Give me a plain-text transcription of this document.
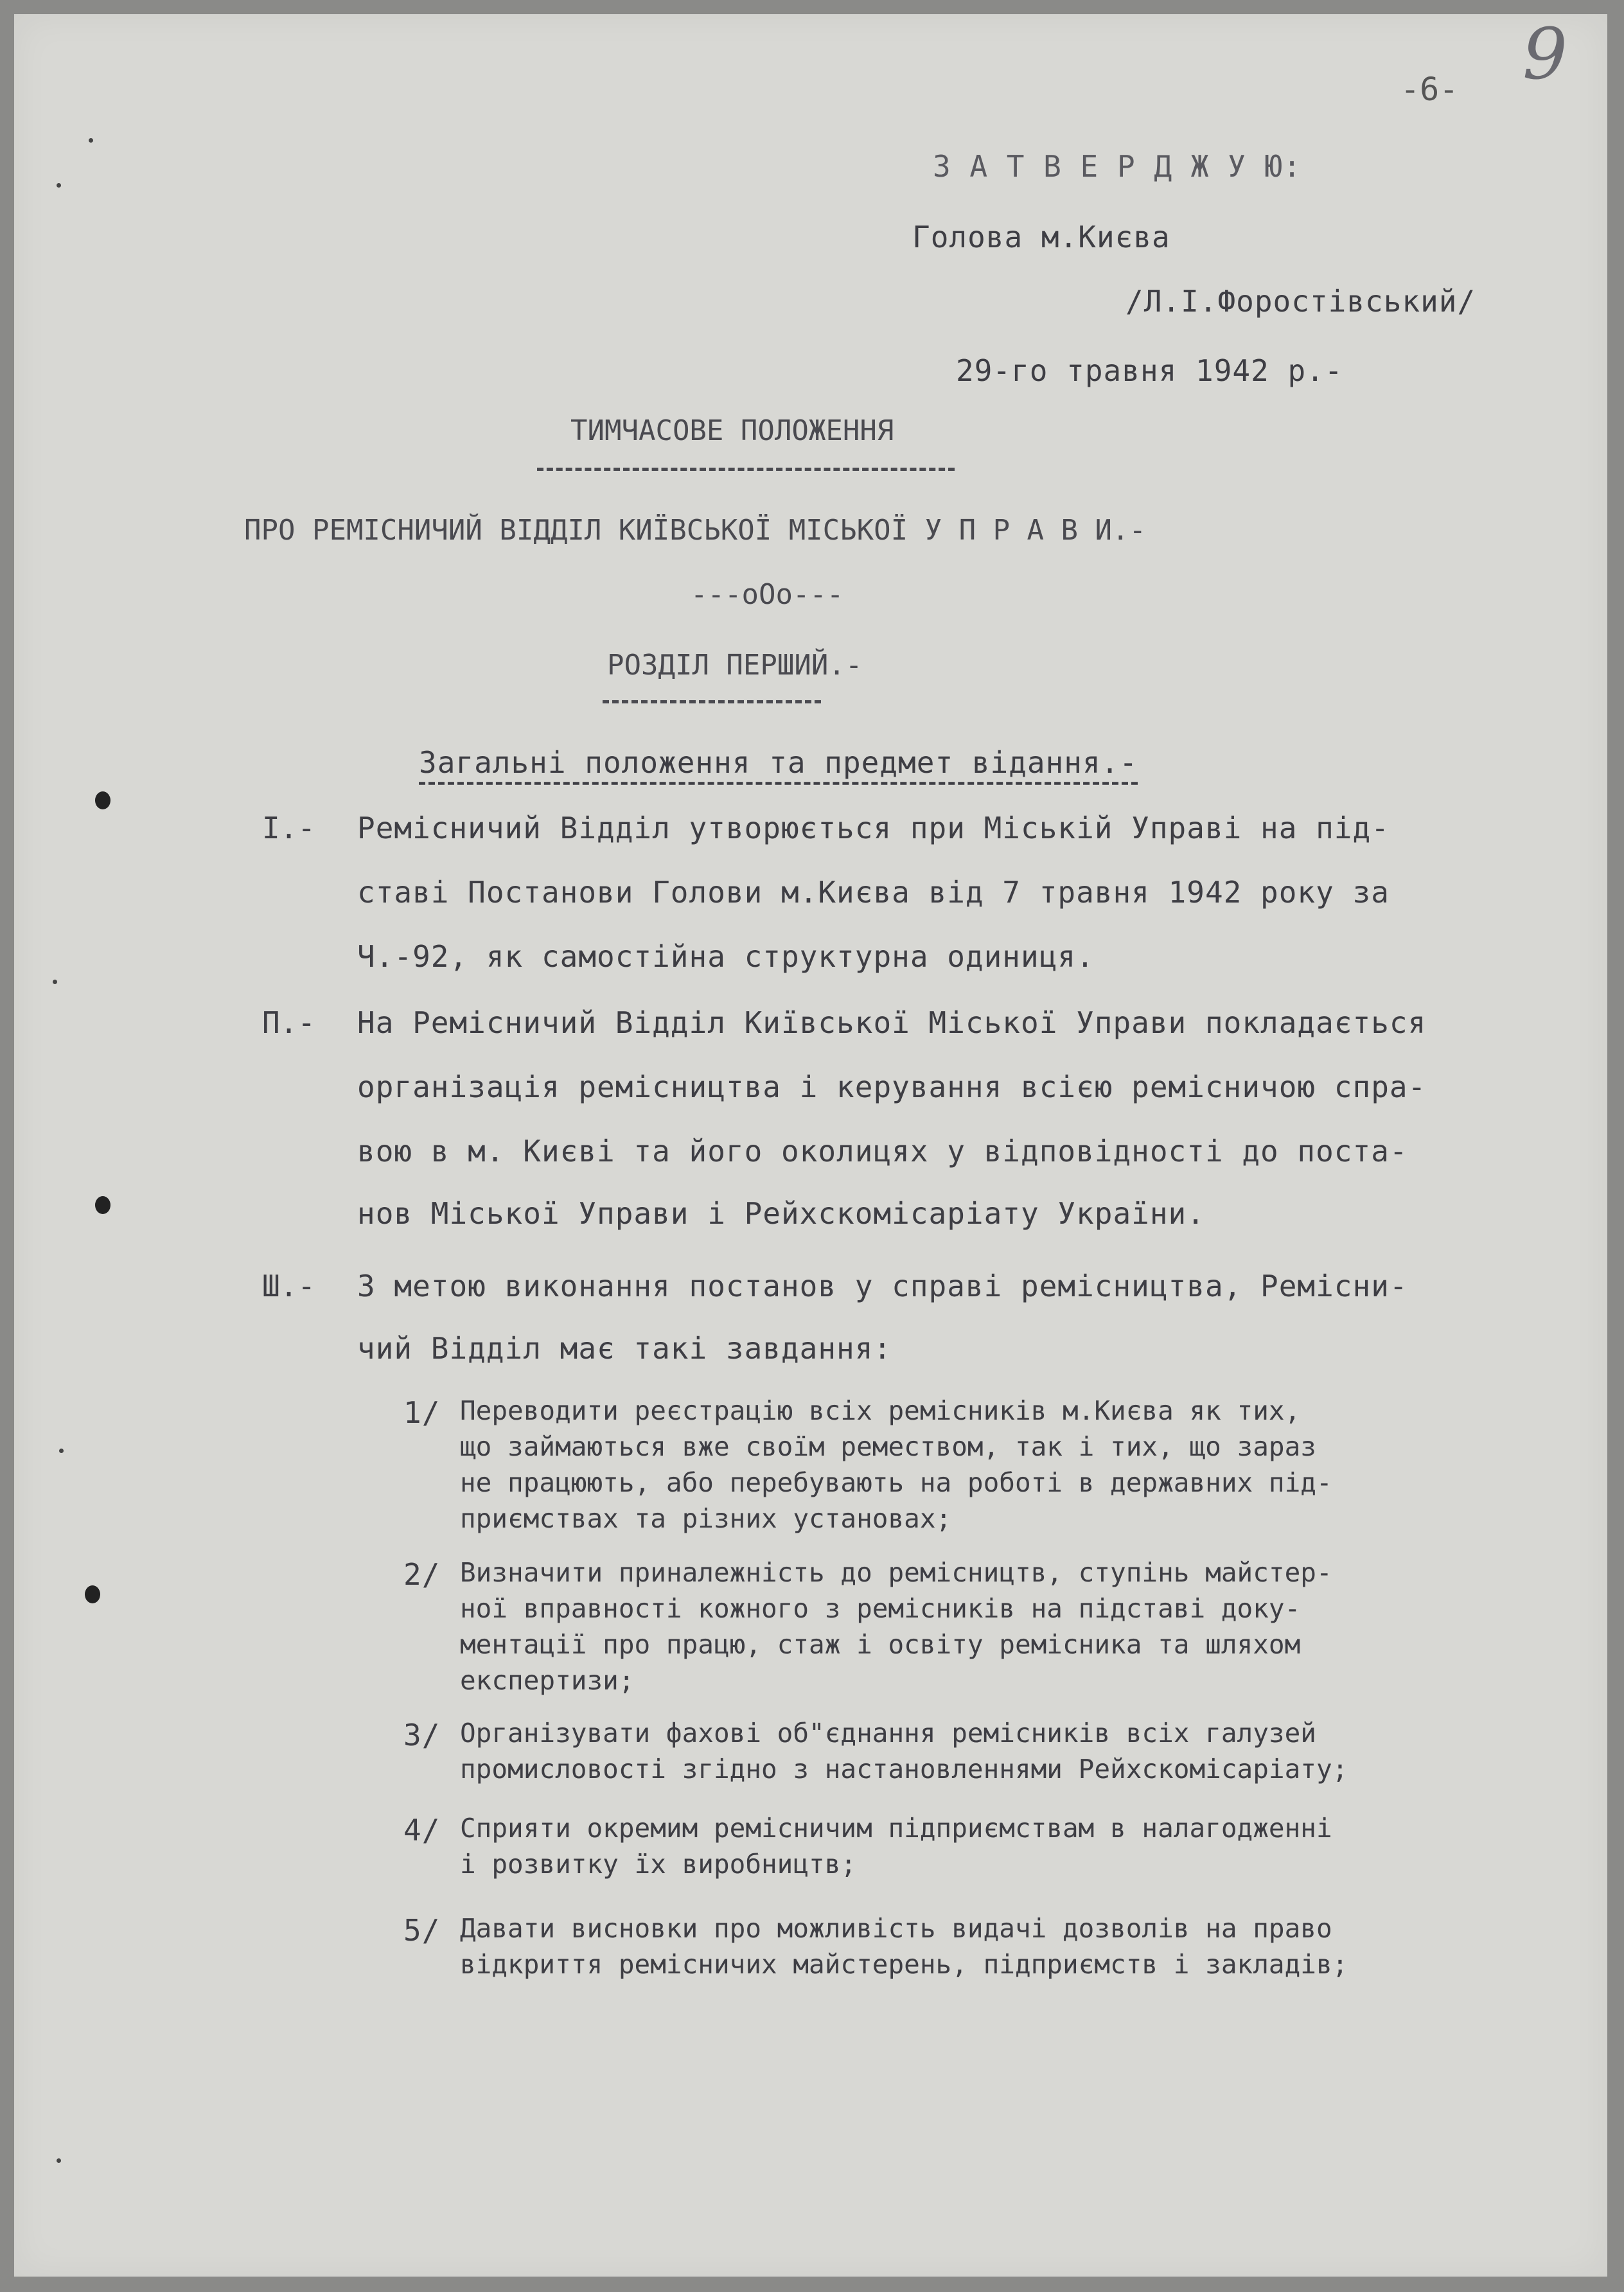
-6- 9
З А Т В Е Р Д Ж У Ю:
Голова м.Києва
/Л.І.Форостівський/
29-го травня 1942 р.-
ТИМЧАСОВЕ ПОЛОЖЕННЯ
ПРО РЕМІСНИЧИЙ ВІДДІЛ КИЇВСЬКОЇ МІСЬКОЇ У П Р А В И.-
---оОо---
РОЗДІЛ ПЕРШИЙ.-
Загальні положення та предмет відання.-
І.- Ремісничий Відділ утворюється при Міській Управі на під-
ставі Постанови Голови м.Києва від 7 травня 1942 року за
Ч.-92, як самостійна структурна одиниця.
П.- На Ремісничий Відділ Київської Міської Управи покладається
організація ремісництва і керування всією ремісничою спра-
вою в м. Києві та його околицях у відповідності до поста-
нов Міської Управи і Рейхскомісаріату України.
Ш.- З метою виконання постанов у справі ремісництва, Ремісни-
чий Відділ має такі завдання:
1/ Переводити реєстрацію всіх ремісників м.Києва як тих,
що займаються вже своїм ремеством, так і тих, що зараз
не працюють, або перебувають на роботі в державних під-
приємствах та різних установах;
2/ Визначити приналежність до ремісництв, ступінь майстер-
ної вправності кожного з ремісників на підставі доку-
ментації про працю, стаж і освіту ремісника та шляхом
експертизи;
3/ Організувати фахові об"єднання ремісників всіх галузей
промисловості згідно з настановленнями Рейхскомісаріату;
4/ Сприяти окремим ремісничим підприємствам в налагодженні
і розвитку їх виробництв;
5/ Давати висновки про можливість видачі дозволів на право
відкриття ремісничих майстерень, підприємств і закладів;
